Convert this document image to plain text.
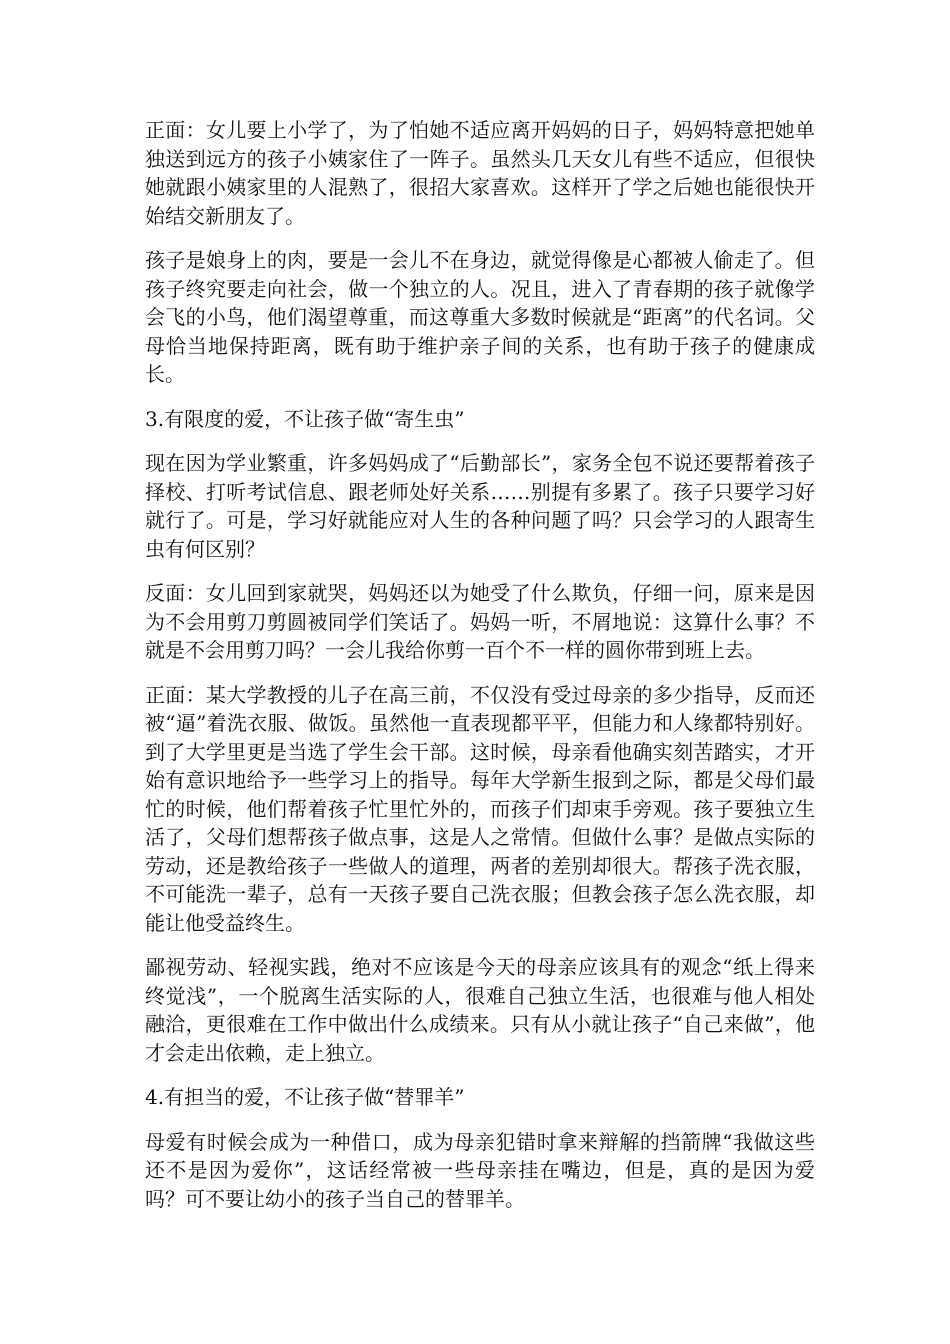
正面：女儿要上小学了，为了怕她不适应离开妈妈的日子，妈妈特意把她单独送到远方的孩子小姨家住了一阵子。虽然头几天女儿有些不适应，但很快她就跟小姨家里的人混熟了，很招大家喜欢。这样开了学之后她也能很快开始结交新朋友了。

孩子是娘身上的肉，要是一会儿不在身边，就觉得像是心都被人偷走了。但孩子终究要走向社会，做一个独立的人。况且，进入了青春期的孩子就像学会飞的小鸟，他们渴望尊重，而这尊重大多数时候就是“距离”的代名词。父母恰当地保持距离，既有助于维护亲子间的关系，也有助于孩子的健康成长。

3.有限度的爱，不让孩子做“寄生虫”

现在因为学业繁重，许多妈妈成了“后勤部长”，家务全包不说还要帮着孩子择校、打听考试信息、跟老师处好关系……别提有多累了。孩子只要学习好就行了。可是，学习好就能应对人生的各种问题了吗？只会学习的人跟寄生虫有何区别？

反面：女儿回到家就哭，妈妈还以为她受了什么欺负，仔细一问，原来是因为不会用剪刀剪圆被同学们笑话了。妈妈一听，不屑地说：这算什么事？不就是不会用剪刀吗？一会儿我给你剪一百个不一样的圆你带到班上去。

正面：某大学教授的儿子在高三前，不仅没有受过母亲的多少指导，反而还被“逼”着洗衣服、做饭。虽然他一直表现都平平，但能力和人缘都特别好。到了大学里更是当选了学生会干部。这时候，母亲看他确实刻苦踏实，才开始有意识地给予一些学习上的指导。每年大学新生报到之际，都是父母们最忙的时候，他们帮着孩子忙里忙外的，而孩子们却束手旁观。孩子要独立生活了，父母们想帮孩子做点事，这是人之常情。但做什么事？是做点实际的劳动，还是教给孩子一些做人的道理，两者的差别却很大。帮孩子洗衣服，不可能洗一辈子，总有一天孩子要自己洗衣服；但教会孩子怎么洗衣服，却能让他受益终生。

鄙视劳动、轻视实践，绝对不应该是今天的母亲应该具有的观念“纸上得来终觉浅”，一个脱离生活实际的人，很难自己独立生活，也很难与他人相处融洽，更很难在工作中做出什么成绩来。只有从小就让孩子“自己来做”，他才会走出依赖，走上独立。

4.有担当的爱，不让孩子做“替罪羊”

母爱有时候会成为一种借口，成为母亲犯错时拿来辩解的挡箭牌“我做这些还不是因为爱你”，这话经常被一些母亲挂在嘴边，但是，真的是因为爱吗？可不要让幼小的孩子当自己的替罪羊。
